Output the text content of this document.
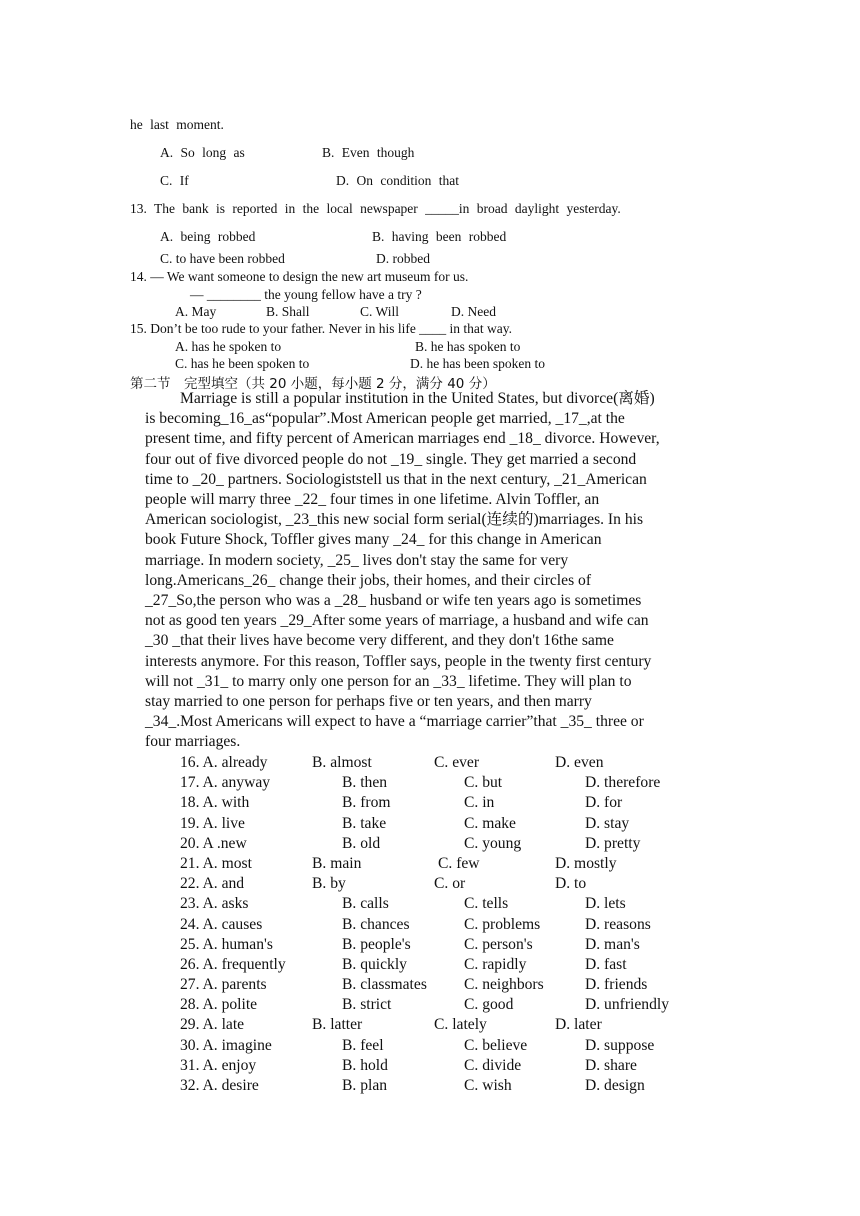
he last moment.
A. So long as	B. Even though
C. If	D. On condition that
13. The bank is reported in the local newspaper _____in broad daylight yesterday.
A. being robbed	B. having been robbed
C. to have been robbed	D. robbed
14. — We want someone to design the new art museum for us.
— ________ the young fellow have a try ?
A. May	B. Shall	C. Will	D. Need
15. Don’t be too rude to your father. Never in his life ____ in that way.
A. has he spoken to	B. he has spoken to
C. has he been spoken to	D. he has been spoken to
第二节　完型填空（共 20 小题，每小题 2 分，满分 40 分）
Marriage is still a popular institution in the United States, but divorce(离婚)
is becoming_16_as“popular”.Most American people get married, _17_,at the
present time, and fifty percent of American marriages end _18_ divorce. However,
four out of five divorced people do not _19_ single. They get married a second
time to _20_ partners. Sociologiststell us that in the next century, _21_American
people will marry three _22_ four times in one lifetime. Alvin Toffler, an
American sociologist, _23_this new social form serial(连续的)marriages. In his
book Future Shock, Toffler gives many _24_ for this change in American
marriage. In modern society, _25_ lives don't stay the same for very
long.Americans_26_ change their jobs, their homes, and their circles of
_27_So,the person who was a _28_ husband or wife ten years ago is sometimes
not as good ten years _29_After some years of marriage, a husband and wife can
_30 _that their lives have become very different, and they don't 16the same
interests anymore. For this reason, Toffler says, people in the twenty first century
will not _31_ to marry only one person for an _33_ lifetime. They will plan to
stay married to one person for perhaps five or ten years, and then marry
_34_.Most Americans will expect to have a “marriage carrier”that _35_ three or
four marriages.
16. A. already	B. almost	C. ever	D. even
17. A. anyway	B. then	C. but	D. therefore
18. A. with	B. from	C. in	D. for
19. A. live	B. take	C. make	D. stay
20. A .new	B. old	C. young	D. pretty
21. A. most	B. main	C. few	D. mostly
22. A. and	B. by	C. or	D. to
23. A. asks	B. calls	C. tells	D. lets
24. A. causes	B. chances	C. problems	D. reasons
25. A. human's	B. people's	C. person's	D. man's
26. A. frequently	B. quickly	C. rapidly	D. fast
27. A. parents	B. classmates C. neighbors	D. friends
28. A. polite	B. strict	C. good	D. unfriendly
29. A. late	B. latter	C. lately	D. later
30. A. imagine	B. feel	C. believe	D. suppose
31. A. enjoy	B. hold	C. divide	D. share
32. A. desire	B. plan	C. wish	D. design
